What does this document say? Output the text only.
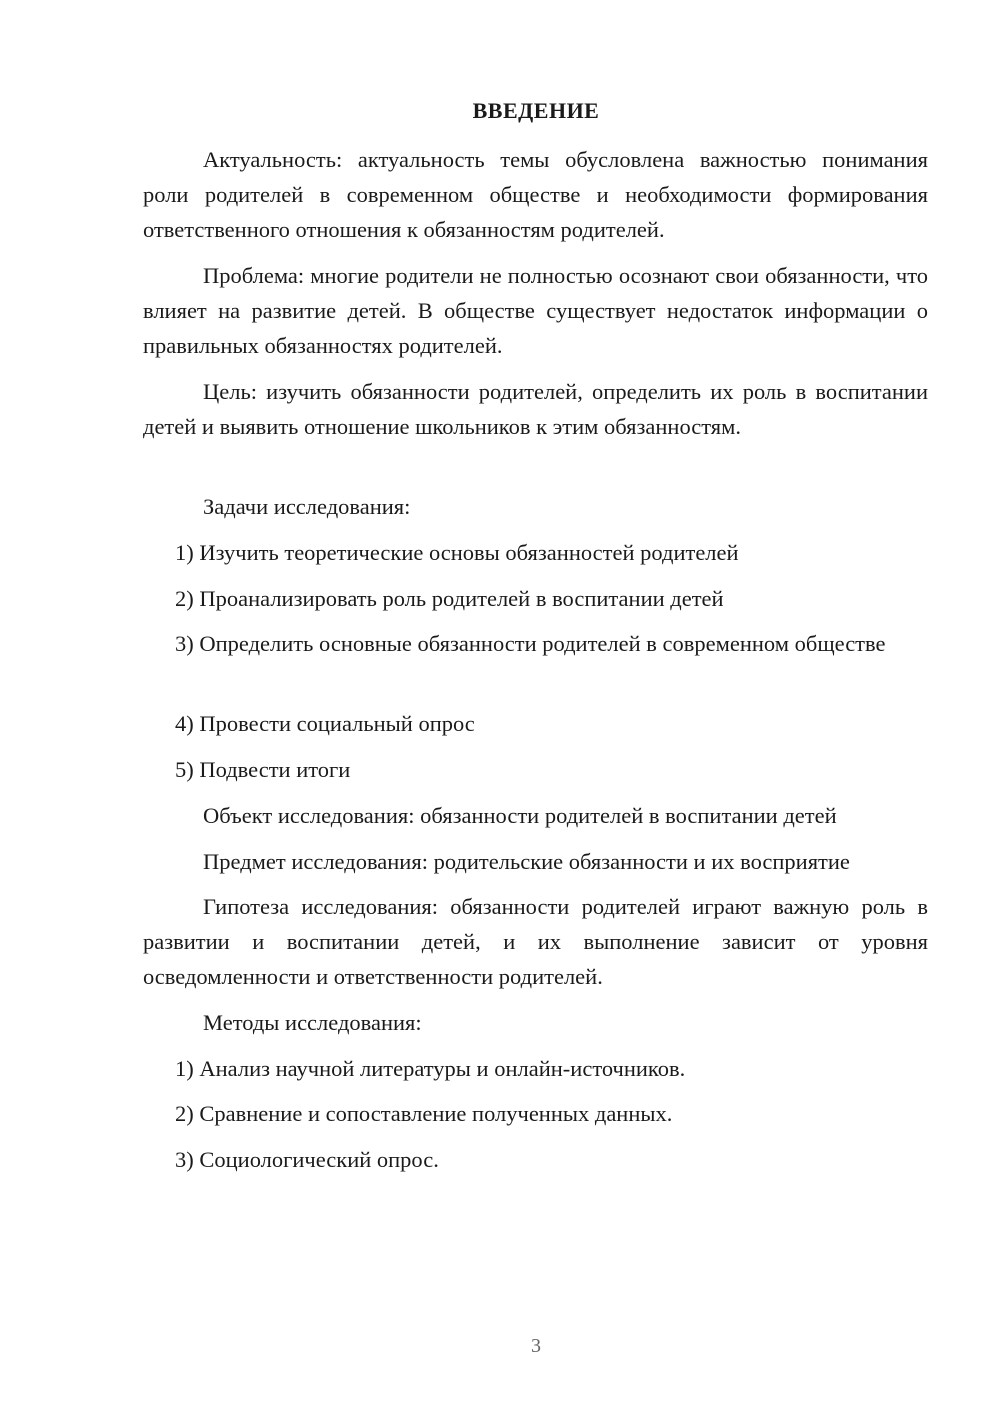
ВВЕДЕНИЕ

Актуальность: актуальность темы обусловлена важностью понимания роли родителей в современном обществе и необходимости формирования ответственного отношения к обязанностям родителей.

Проблема: многие родители не полностью осознают свои обязанности, что влияет на развитие детей. В обществе существует недостаток информации о правильных обязанностях родителей.

Цель: изучить обязанности родителей, определить их роль в воспитании детей и выявить отношение школьников к этим обязанностям.

Задачи исследования:

1) Изучить теоретические основы обязанностей родителей

2) Проанализировать роль родителей в воспитании детей

3) Определить основные обязанности родителей в современном обществе

4) Провести социальный опрос

5) Подвести итоги

Объект исследования: обязанности родителей в воспитании детей

Предмет исследования: родительские обязанности и их восприятие

Гипотеза исследования: обязанности родителей играют важную роль в развитии и воспитании детей, и их выполнение зависит от уровня осведомленности и ответственности родителей.

Методы исследования:

1) Анализ научной литературы и онлайн-источников.

2) Сравнение и сопоставление полученных данных.

3) Социологический опрос.

3
